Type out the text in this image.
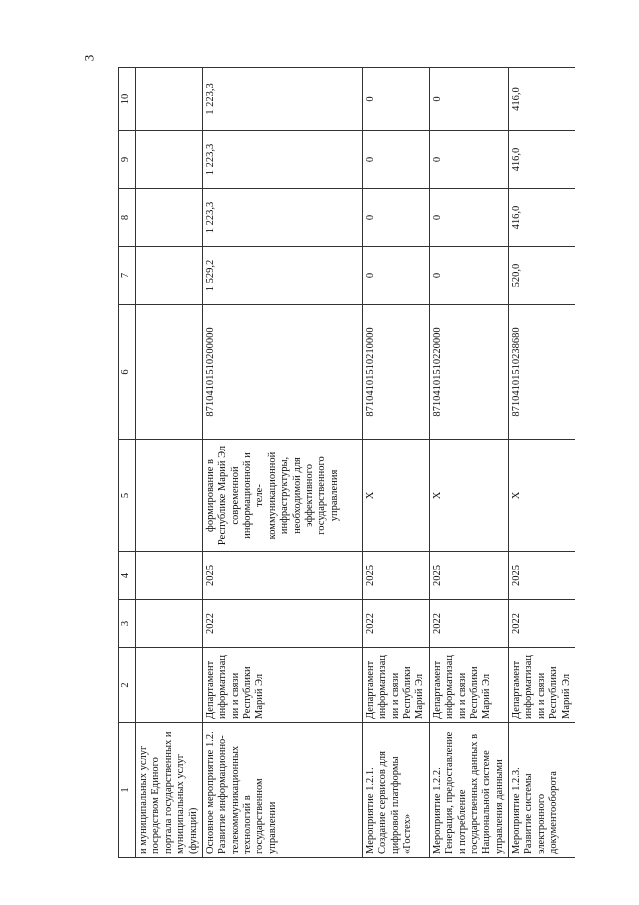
3
1	2	3	4	5	6	7	8	9	10
и муниципальных услуг посредством Единого портала государственных и муниципальных услуг (функций)									
Основное мероприятие 1.2. Развитие информационно-телекоммуникационных технологий в государственном управлении	Департамент информатизации и связи Республики Марий Эл	2022	2025	формирование в Республике Марий Эл современной информационной и теле-коммуникационной инфраструктуры, необходимой для эффективного государственного управления	87104101510200000	1 529,2	1 223,3	1 223,3	1 223,3
Мероприятие 1.2.1. Создание сервисов для цифровой платформы «Гостех»	Департамент информатизации и связи Республики Марий Эл	2022	2025	Х	87104101510210000	0	0	0	0
Мероприятие 1.2.2. Генерация, предоставление и потребление государственных данных в Национальной системе управления данными	Департамент информатизации и связи Республики Марий Эл	2022	2025	Х	87104101510220000	0	0	0	0
Мероприятие 1.2.3. Развитие системы электронного документооборота	Департамент информатизации и связи Республики Марий Эл	2022	2025	Х	87104101510238680	520,0	416,0	416,0	416,0
